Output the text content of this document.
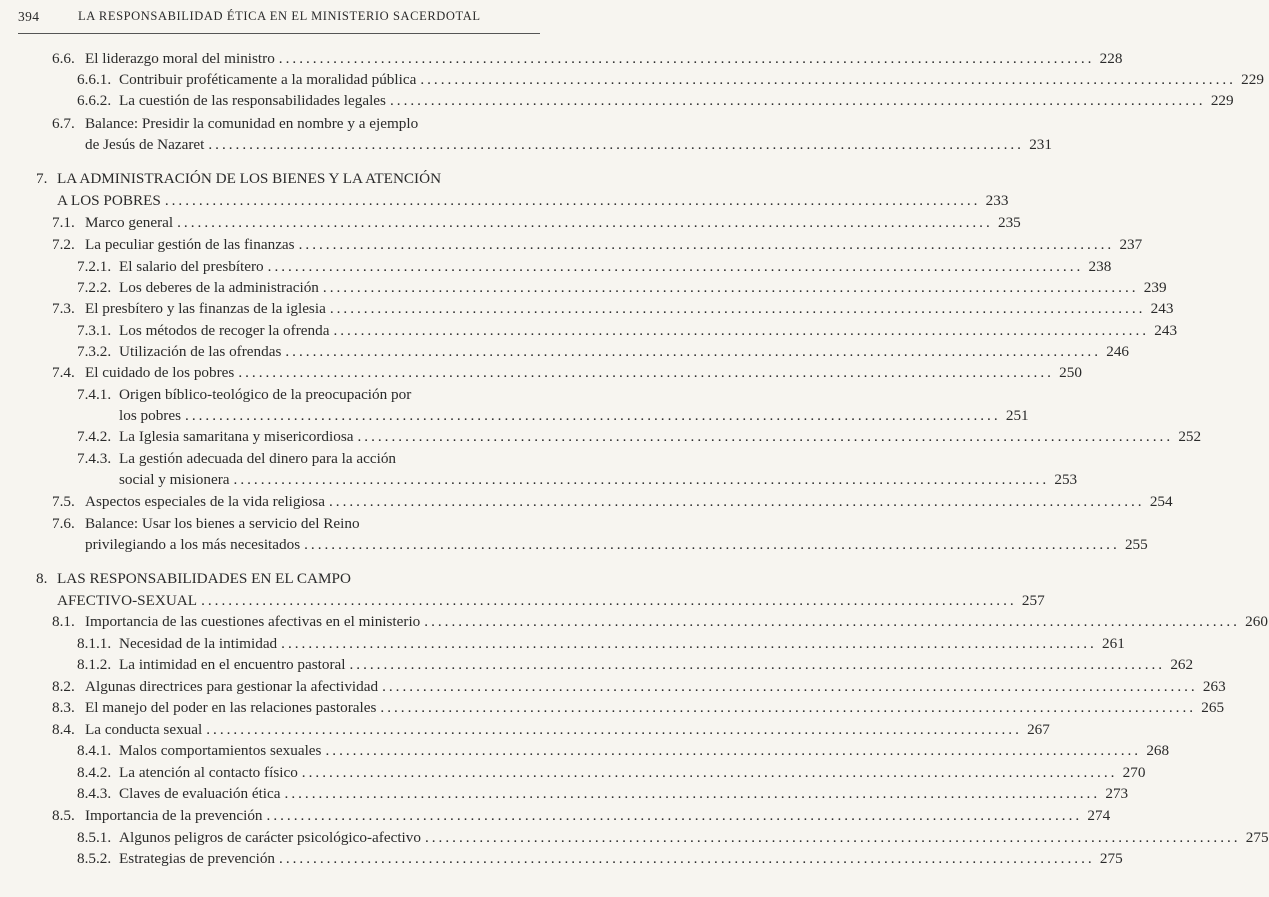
394	LA RESPONSABILIDAD ÉTICA EN EL MINISTERIO SACERDOTAL
6.6. El liderazgo moral del ministro ........................................................................................................................ 228
6.6.1. Contribuir proféticamente a la moralidad pública ........................................................................................................................ 229
6.6.2. La cuestión de las responsabilidades legales ........................................................................................................................ 229
6.7. Balance: Presidir la comunidad en nombre y a ejemplo
de Jesús de Nazaret ........................................................................................................................ 231
7. LA ADMINISTRACIÓN DE LOS BIENES Y LA ATENCIÓN
A LOS POBRES ........................................................................................................................ 233
7.1. Marco general ........................................................................................................................ 235
7.2. La peculiar gestión de las finanzas ........................................................................................................................ 237
7.2.1. El salario del presbítero ........................................................................................................................ 238
7.2.2. Los deberes de la administración ........................................................................................................................ 239
7.3. El presbítero y las finanzas de la iglesia ........................................................................................................................ 243
7.3.1. Los métodos de recoger la ofrenda ........................................................................................................................ 243
7.3.2. Utilización de las ofrendas ........................................................................................................................ 246
7.4. El cuidado de los pobres ........................................................................................................................ 250
7.4.1. Origen bíblico-teológico de la preocupación por
los pobres ........................................................................................................................ 251
7.4.2. La Iglesia samaritana y misericordiosa ........................................................................................................................ 252
7.4.3. La gestión adecuada del dinero para la acción
social y misionera ........................................................................................................................ 253
7.5. Aspectos especiales de la vida religiosa ........................................................................................................................ 254
7.6. Balance: Usar los bienes a servicio del Reino
privilegiando a los más necesitados ........................................................................................................................ 255
8. LAS RESPONSABILIDADES EN EL CAMPO
AFECTIVO-SEXUAL ........................................................................................................................ 257
8.1. Importancia de las cuestiones afectivas en el ministerio ........................................................................................................................ 260
8.1.1. Necesidad de la intimidad ........................................................................................................................ 261
8.1.2. La intimidad en el encuentro pastoral ........................................................................................................................ 262
8.2. Algunas directrices para gestionar la afectividad ........................................................................................................................ 263
8.3. El manejo del poder en las relaciones pastorales ........................................................................................................................ 265
8.4. La conducta sexual ........................................................................................................................ 267
8.4.1. Malos comportamientos sexuales ........................................................................................................................ 268
8.4.2. La atención al contacto físico ........................................................................................................................ 270
8.4.3. Claves de evaluación ética ........................................................................................................................ 273
8.5. Importancia de la prevención ........................................................................................................................ 274
8.5.1. Algunos peligros de carácter psicológico-afectivo ........................................................................................................................ 275
8.5.2. Estrategias de prevención ........................................................................................................................ 275
